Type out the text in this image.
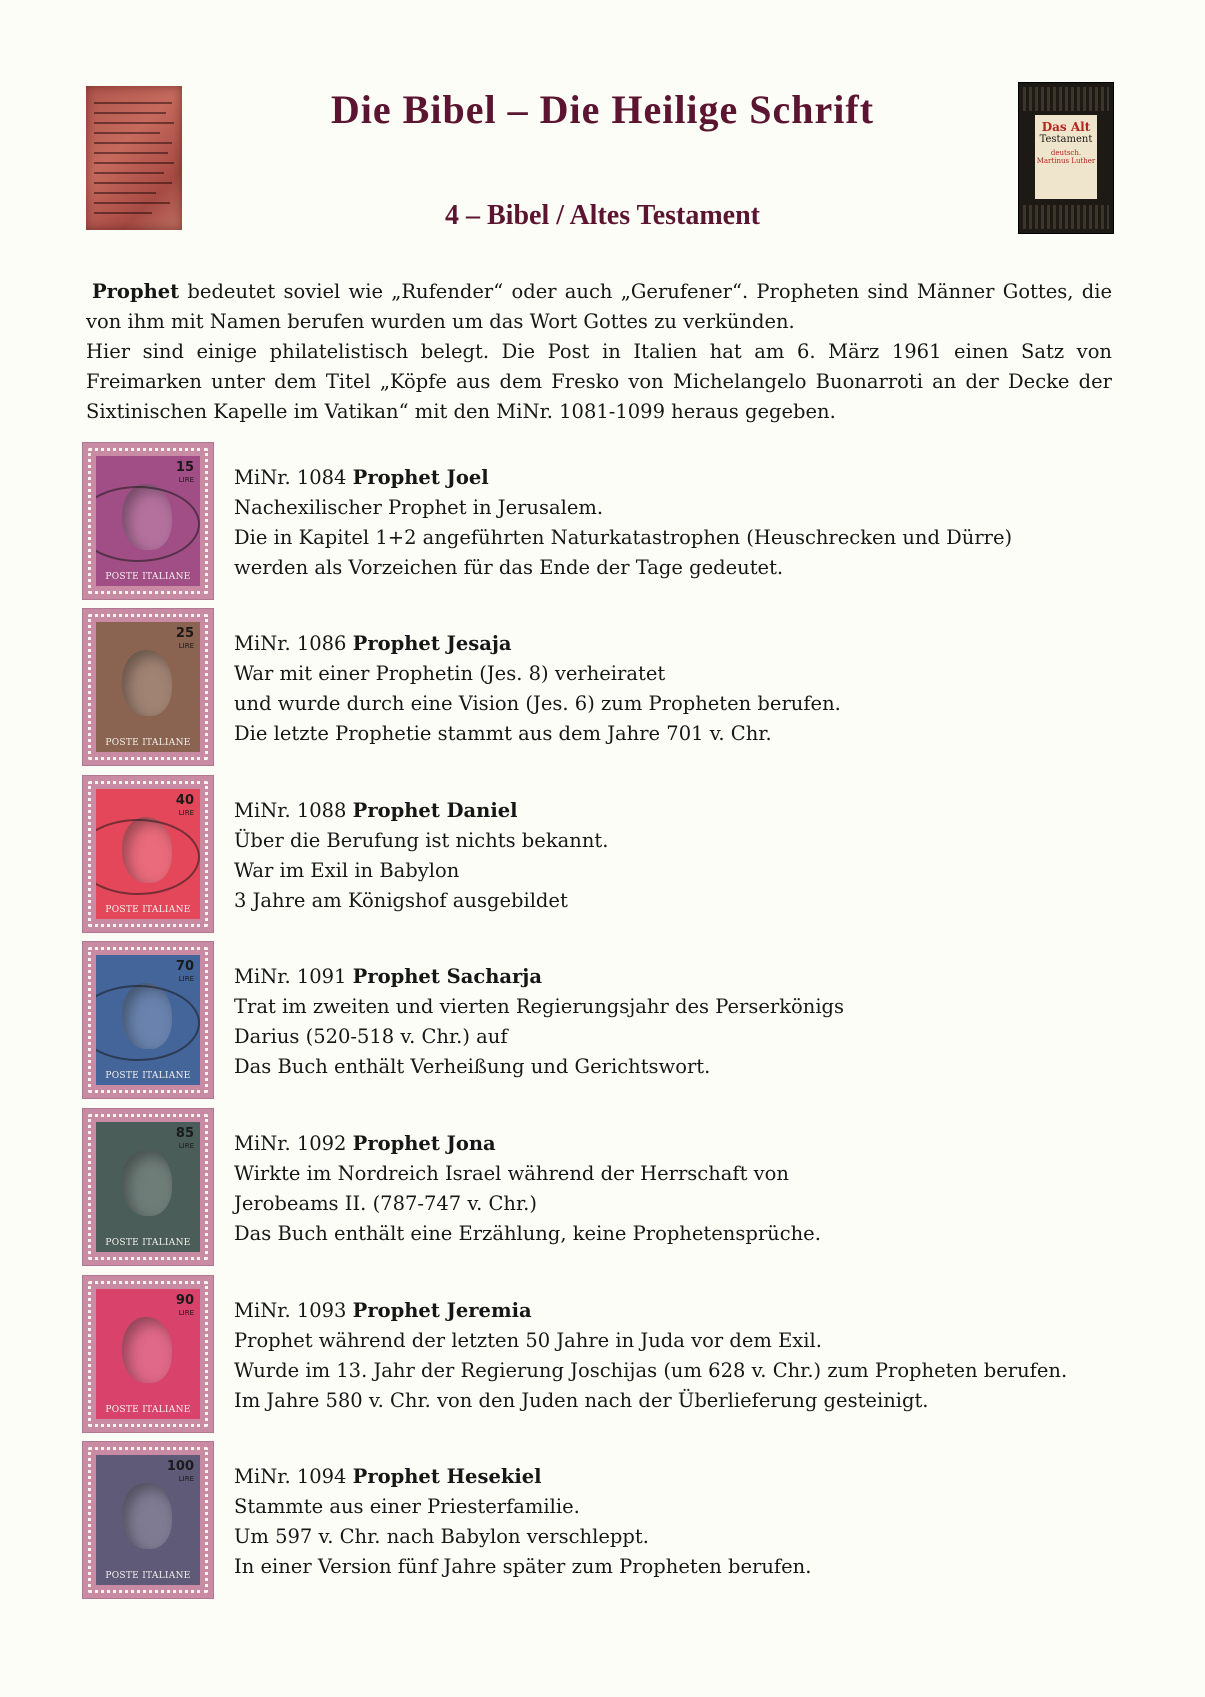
Die Bibel – Die Heilige Schrift
4 – Bibel / Altes Testament
Das Alt
Testament
deutsch. Martinus Luther

Prophet bedeutet soviel wie „Rufender“ oder auch „Gerufener“. Propheten sind Männer Gottes, die von ihm mit Namen berufen wurden um das Wort Gottes zu verkünden.

Hier sind einige philatelistisch belegt. Die Post in Italien hat am 6. März 1961 einen Satz von Freimarken unter dem Titel „Köpfe aus dem Fresko von Michelangelo Buonarroti an der Decke der Sixtinischen Kapelle im Vatikan“ mit den MiNr. 1081-1099 heraus gegeben.

15
LIRE
POSTE ITALIANE
MiNr. 1084 Prophet Joel
Nachexilischer Prophet in Jerusalem.
Die in Kapitel 1+2 angeführten Naturkatastrophen (Heuschrecken und Dürre)
werden als Vorzeichen für das Ende der Tage gedeutet.
25
LIRE
POSTE ITALIANE
MiNr. 1086 Prophet Jesaja
War mit einer Prophetin (Jes. 8) verheiratet
und wurde durch eine Vision (Jes. 6) zum Propheten berufen.
Die letzte Prophetie stammt aus dem Jahre 701 v. Chr.
40
LIRE
POSTE ITALIANE
MiNr. 1088 Prophet Daniel
Über die Berufung ist nichts bekannt.
War im Exil in Babylon
3 Jahre am Königshof ausgebildet
70
LIRE
POSTE ITALIANE
MiNr. 1091 Prophet Sacharja
Trat im zweiten und vierten Regierungsjahr des Perserkönigs
Darius (520-518 v. Chr.) auf
Das Buch enthält Verheißung und Gerichtswort.
85
LIRE
POSTE ITALIANE
MiNr. 1092 Prophet Jona
Wirkte im Nordreich Israel während der Herrschaft von
Jerobeams II. (787-747 v. Chr.)
Das Buch enthält eine Erzählung, keine Prophetensprüche.
90
LIRE
POSTE ITALIANE
MiNr. 1093 Prophet Jeremia
Prophet während der letzten 50 Jahre in Juda vor dem Exil.
Wurde im 13. Jahr der Regierung Joschijas (um 628 v. Chr.) zum Propheten berufen.
Im Jahre 580 v. Chr. von den Juden nach der Überlieferung gesteinigt.
100
LIRE
POSTE ITALIANE
MiNr. 1094 Prophet Hesekiel
Stammte aus einer Priesterfamilie.
Um 597 v. Chr. nach Babylon verschleppt.
In einer Version fünf Jahre später zum Propheten berufen.
